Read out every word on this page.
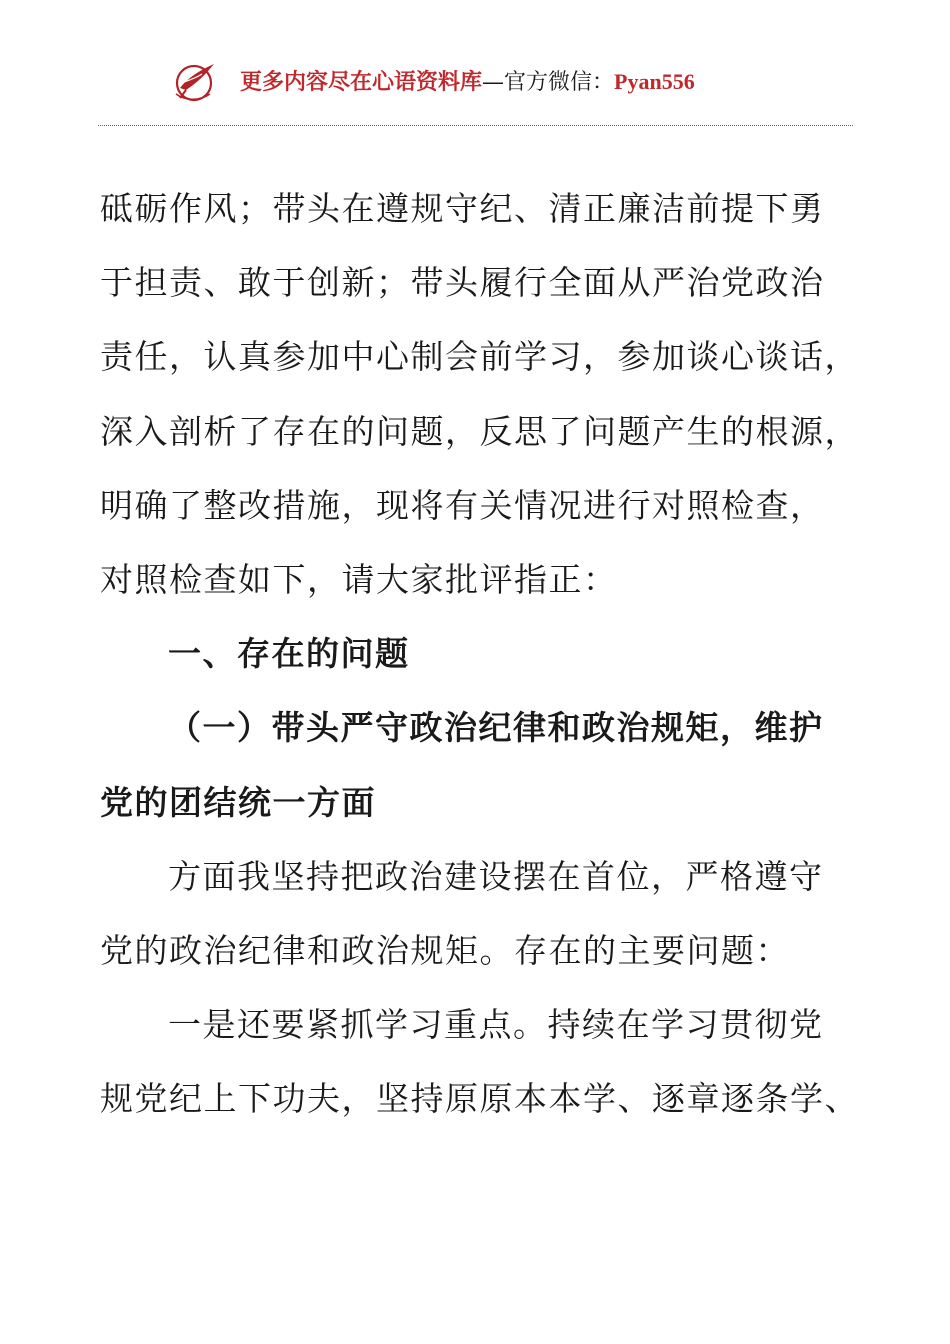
更多内容尽在心语资料库—官方微信：Pyan556
砥砺作风；带头在遵规守纪、清正廉洁前提下勇
于担责、敢于创新；带头履行全面从严治党政治
责任，认真参加中心制会前学习，参加谈心谈话，
深入剖析了存在的问题，反思了问题产生的根源，
明确了整改措施，现将有关情况进行对照检查，
对照检查如下，请大家批评指正：
一、存在的问题
（一）带头严守政治纪律和政治规矩，维护
党的团结统一方面
方面我坚持把政治建设摆在首位，严格遵守
党的政治纪律和政治规矩。存在的主要问题：
一是还要紧抓学习重点。持续在学习贯彻党
规党纪上下功夫，坚持原原本本学、逐章逐条学、
